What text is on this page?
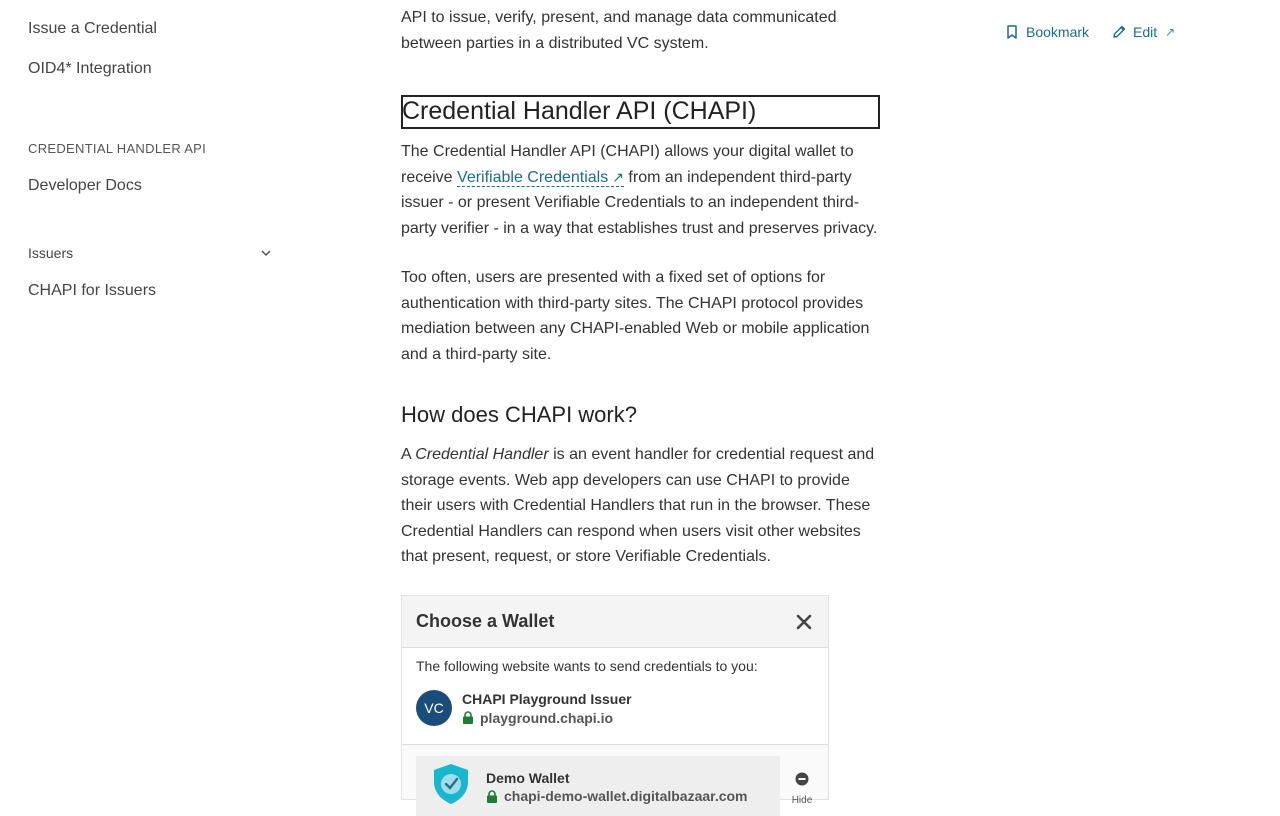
Issue a Credential
OID4* Integration
CREDENTIAL HANDLER API
Developer Docs
Issuers
CHAPI for Issuers
Bookmark	Edit ↗

API to issue, verify, present, and manage data communicated
between parties in a distributed VC system.

Credential Handler API (CHAPI)

The Credential Handler API (CHAPI) allows your digital wallet to receive Verifiable Credentials ↗ from an independent third-party issuer - or present Verifiable Credentials to an independent third-party verifier - in a way that establishes trust and preserves privacy.

Too often, users are presented with a fixed set of options for authentication with third-party sites. The CHAPI protocol provides mediation between any CHAPI-enabled Web or mobile application and a third-party site.

How does CHAPI work?

A Credential Handler is an event handler for credential request and storage events. Web app developers can use CHAPI to provide their users with Credential Handlers that run in the browser. These Credential Handlers can respond when users visit other websites that present, request, or store Verifiable Credentials.

Choose a Wallet
The following website wants to send credentials to you:
VC
CHAPI Playground Issuer
playground.chapi.io
Demo Wallet
chapi-demo-wallet.digitalbazaar.com	Hide
